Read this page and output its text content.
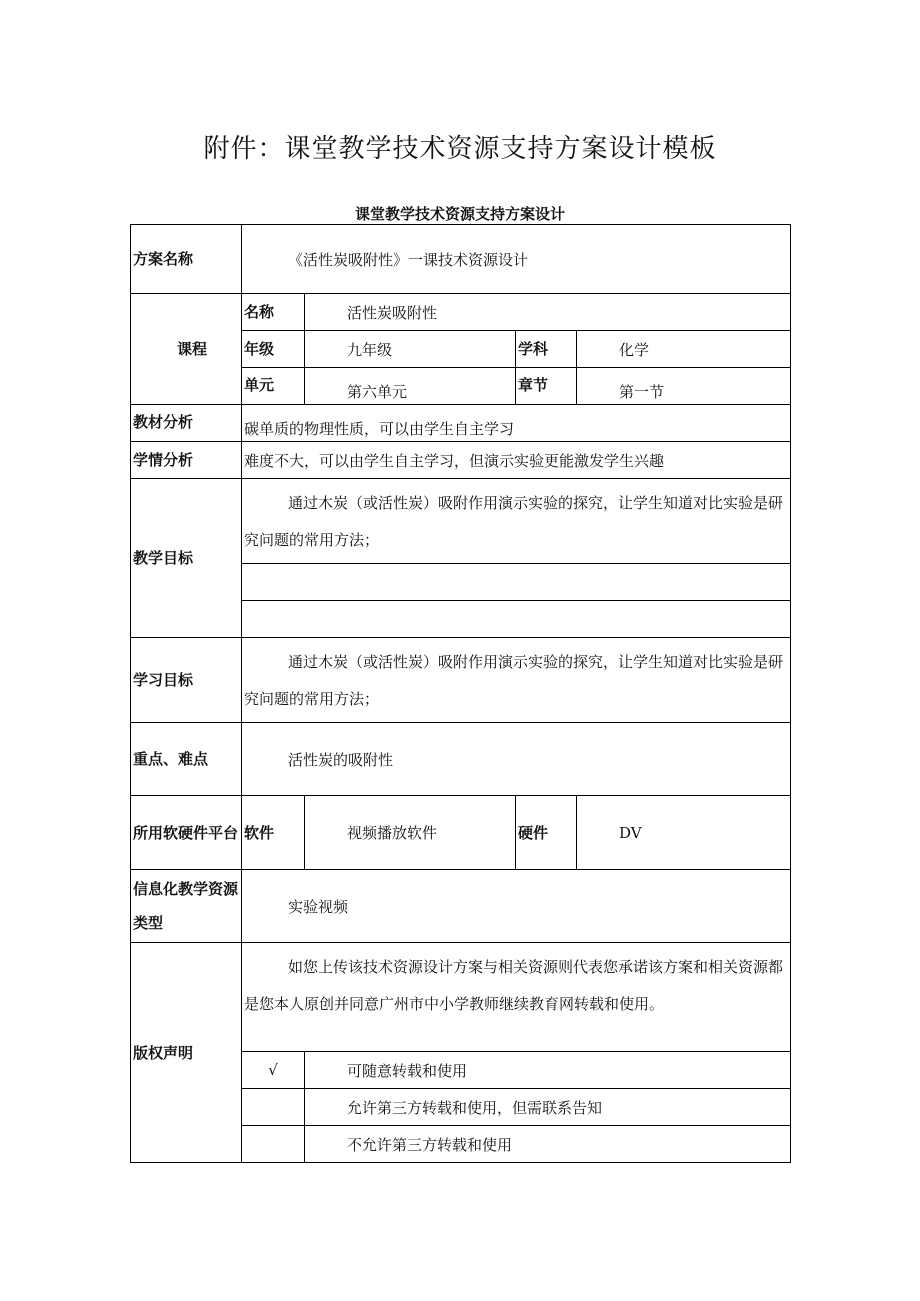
附件：课堂教学技术资源支持方案设计模板
课堂教学技术资源支持方案设计
方案名称	《活性炭吸附性》一课技术资源设计			
课程	名称	活性炭吸附性		
	年级	九年级	学科	化学
	单元	第六单元	章节	第一节
教材分析	碳单质的物理性质，可以由学生自主学习			
学情分析	难度不大，可以由学生自主学习，但演示实验更能激发学生兴趣			
教学目标	通过木炭（或活性炭）吸附作用演示实验的探究，让学生知道对比实验是研究问题的常用方法；			

学习目标	通过木炭（或活性炭）吸附作用演示实验的探究，让学生知道对比实验是研究问题的常用方法；			
重点、难点	活性炭的吸附性			
所用软硬件平台	软件	视频播放软件	硬件	DV
信息化教学资源类型	实验视频			
版权声明	如您上传该技术资源设计方案与相关资源则代表您承诺该方案和相关资源都是您本人原创并同意广州市中小学教师继续教育网转载和使用。			
	√	可随意转载和使用		
		允许第三方转载和使用，但需联系告知		
		不允许第三方转载和使用		
